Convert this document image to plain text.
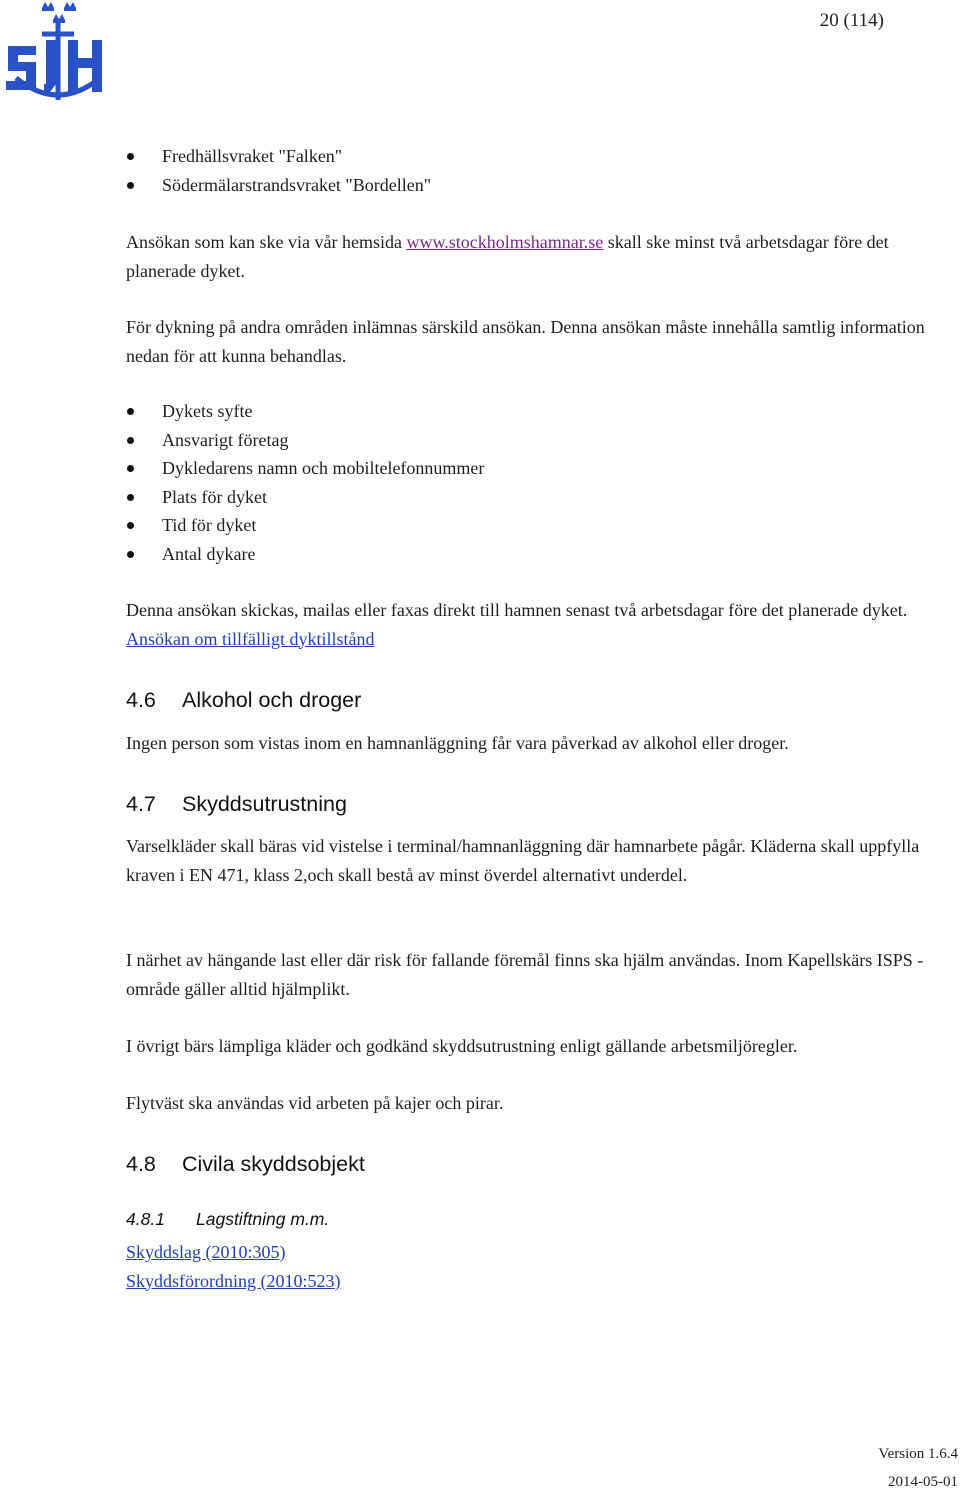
20 (114)
Fredhällsvraket "Falken"
Södermälarstrandsvraket "Bordellen"

Ansökan som kan ske via vår hemsida www.stockholmshamnar.se skall ske minst två arbetsdagar före det planerade dyket.

För dykning på andra områden inlämnas särskild ansökan. Denna ansökan måste innehålla samtlig information nedan för att kunna behandlas.

Dykets syfte
Ansvarigt företag
Dykledarens namn och mobiltelefonnummer
Plats för dyket
Tid för dyket
Antal dykare

Denna ansökan skickas, mailas eller faxas direkt till hamnen senast två arbetsdagar före det planerade dyket. Ansökan om tillfälligt dyktillstånd

4.6 Alkohol och droger

Ingen person som vistas inom en hamnanläggning får vara påverkad av alkohol eller droger.

4.7 Skyddsutrustning

Varselkläder skall bäras vid vistelse i terminal/hamnanläggning där hamnarbete pågår. Kläderna skall uppfylla kraven i EN 471, klass 2,och skall bestå av minst överdel alternativt underdel.

I närhet av hängande last eller där risk för fallande föremål finns ska hjälm användas. Inom Kapellskärs ISPS - område gäller alltid hjälmplikt.

I övrigt bärs lämpliga kläder och godkänd skyddsutrustning enligt gällande arbetsmiljöregler.

Flytväst ska användas vid arbeten på kajer och pirar.

4.8 Civila skyddsobjekt
4.8.1 Lagstiftning m.m.
Skyddslag (2010:305)
Skyddsförordning (2010:523)
Version 1.6.4
2014-05-01
